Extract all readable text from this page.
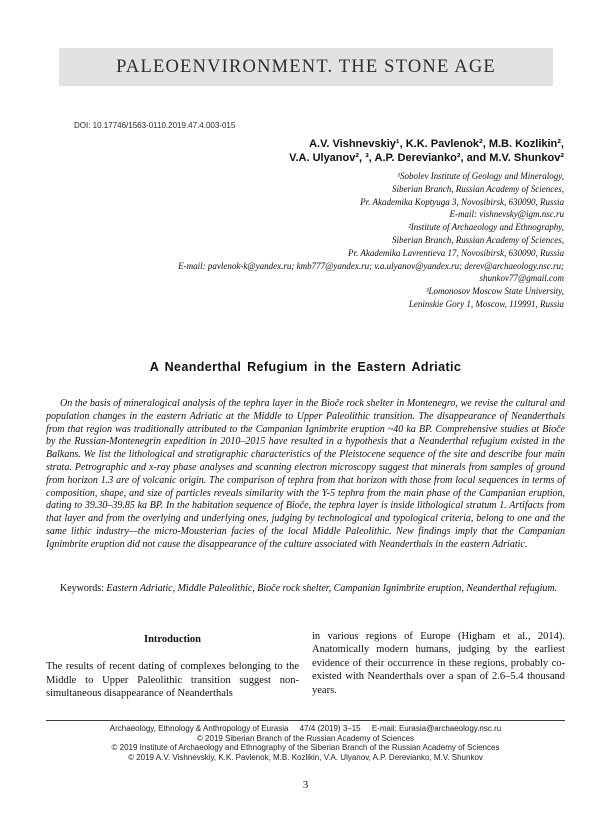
PALEOENVIRONMENT. THE STONE AGE
DOI: 10.17746/1563-0110.2019.47.4.003-015
A.V. Vishnevskiy¹, K.K. Pavlenok², M.B. Kozlikin²,
V.A. Ulyanov², ³, A.P. Derevianko², and M.V. Shunkov²
¹Sobolev Institute of Geology and Mineralogy,
Siberian Branch, Russian Academy of Sciences,
Pr. Akademika Koptyuga 3, Novosibirsk, 630090, Russia
E-mail: vishnevsky@igm.nsc.ru
²Institute of Archaeology and Ethnography,
Siberian Branch, Russian Academy of Sciences,
Pr. Akademika Lavrentieva 17, Novosibirsk, 630090, Russia
E-mail: pavlenok-k@yandex.ru; kmb777@yandex.ru; v.a.ulyanov@yandex.ru; derev@archaeology.nsc.ru;
shunkov77@gmail.com
³Lomonosov Moscow State University,
Leninskie Gory 1, Moscow, 119991, Russia
A Neanderthal Refugium in the Eastern Adriatic
On the basis of mineralogical analysis of the tephra layer in the Bioče rock shelter in Montenegro, we revise the cultural and population changes in the eastern Adriatic at the Middle to Upper Paleolithic transition. The disappearance of Neanderthals from that region was traditionally attributed to the Campanian Ignimbrite eruption ~40 ka BP. Comprehensive studies at Bioče by the Russian-Montenegrin expedition in 2010–2015 have resulted in a hypothesis that a Neanderthal refugium existed in the Balkans. We list the lithological and stratigraphic characteristics of the Pleistocene sequence of the site and describe four main strata. Petrographic and x-ray phase analyses and scanning electron microscopy suggest that minerals from samples of ground from horizon 1.3 are of volcanic origin. The comparison of tephra from that horizon with those from local sequences in terms of composition, shape, and size of particles reveals similarity with the Y-5 tephra from the main phase of the Campanian eruption, dating to 39.30–39.85 ka BP. In the habitation sequence of Bioče, the tephra layer is inside lithological stratum 1. Artifacts from that layer and from the overlying and underlying ones, judging by technological and typological criteria, belong to one and the same lithic industry—the micro-Mousterian facies of the local Middle Paleolithic. New findings imply that the Campanian Ignimbrite eruption did not cause the disappearance of the culture associated with Neanderthals in the eastern Adriatic.
Keywords: Eastern Adriatic, Middle Paleolithic, Bioče rock shelter, Campanian Ignimbrite eruption, Neanderthal refugium.
Introduction

The results of recent dating of complexes belonging to the Middle to Upper Paleolithic transition suggest non-simultaneous disappearance of Neanderthals

in various regions of Europe (Higham et al., 2014). Anatomically modern humans, judging by the earliest evidence of their occurrence in these regions, probably co-existed with Neanderthals over a span of 2.6–5.4 thousand years.

Archaeology, Ethnology & Anthropology of Eurasia 47/4 (2019) 3–15 E-mail: Eurasia@archaeology.nsc.ru
© 2019 Siberian Branch of the Russian Academy of Sciences
© 2019 Institute of Archaeology and Ethnography of the Siberian Branch of the Russian Academy of Sciences
© 2019 A.V. Vishnevskiy, K.K. Pavlenok, M.B. Kozlikin, V.A. Ulyanov, A.P. Derevianko, M.V. Shunkov
3
